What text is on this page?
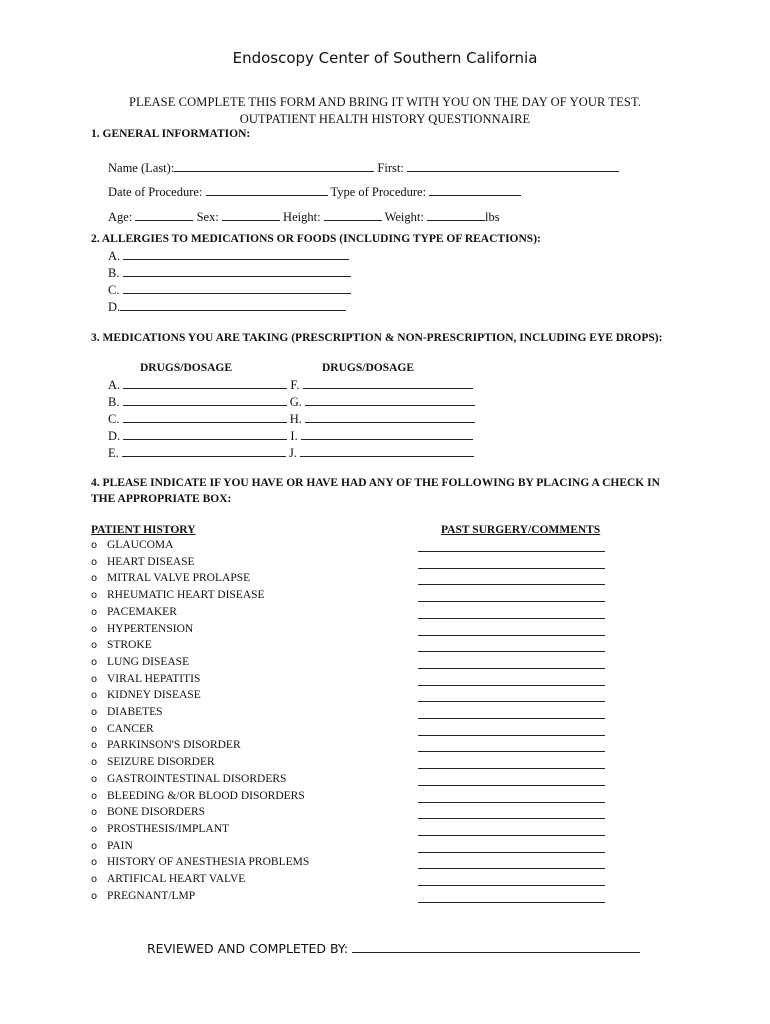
Endoscopy Center of Southern California
PLEASE COMPLETE THIS FORM AND BRING IT WITH YOU ON THE DAY OF YOUR TEST.
OUTPATIENT HEALTH HISTORY QUESTIONNAIRE
1. GENERAL INFORMATION:
Name (Last):	First:
Date of Procedure:	Type of Procedure:
Age:	Sex:	Height:	Weight:	lbs
2. ALLERGIES TO MEDICATIONS OR FOODS (INCLUDING TYPE OF REACTIONS):
A.
B.
C.
D.
3. MEDICATIONS YOU ARE TAKING (PRESCRIPTION & NON-PRESCRIPTION, INCLUDING EYE DROPS):
DRUGS/DOSAGE	DRUGS/DOSAGE
A.	F.
B.	G.
C.	H.
D.	I.
E.	J.
4. PLEASE INDICATE IF YOU HAVE OR HAVE HAD ANY OF THE FOLLOWING BY PLACING A CHECK IN
THE APPROPRIATE BOX:
PATIENT HISTORY	PAST SURGERY/COMMENTS
o GLAUCOMA
o HEART DISEASE
o MITRAL VALVE PROLAPSE
o RHEUMATIC HEART DISEASE
o PACEMAKER
o HYPERTENSION
o STROKE
o LUNG DISEASE
o VIRAL HEPATITIS
o KIDNEY DISEASE
o DIABETES
o CANCER
o PARKINSON'S DISORDER
o SEIZURE DISORDER
o GASTROINTESTINAL DISORDERS
o BLEEDING &/OR BLOOD DISORDERS
o BONE DISORDERS
o PROSTHESIS/IMPLANT
o PAIN
o HISTORY OF ANESTHESIA PROBLEMS
o ARTIFICAL HEART VALVE
o PREGNANT/LMP
REVIEWED AND COMPLETED BY:
